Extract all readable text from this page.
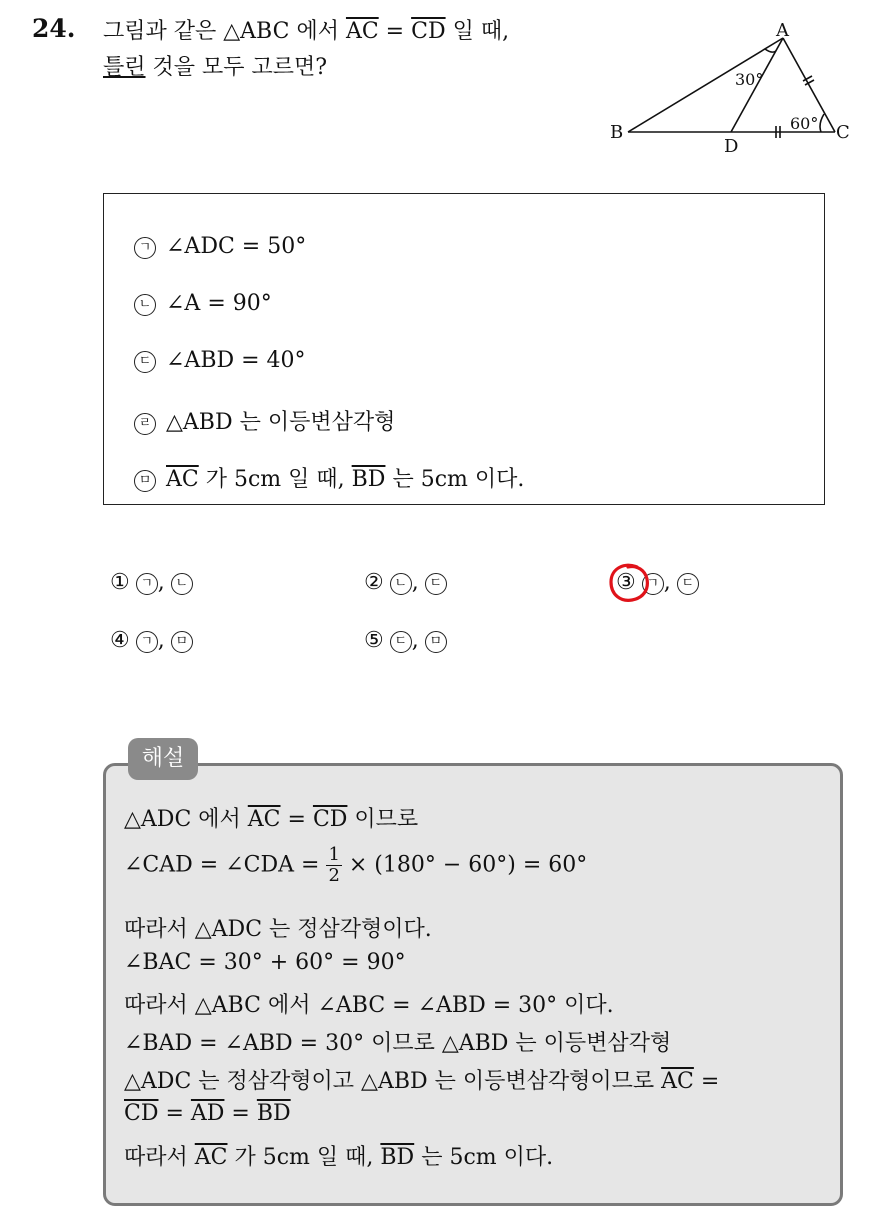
24. 그림과 같은 △ABC 에서 $\overline{AC} = \overline{CD}$ 일 때,
틀린 것을 모두 고르면?
A
B	C
D
30°
60°
ㄱ ∠ADC = 50°
ㄴ ∠A = 90°
ㄷ ∠ABD = 40°
ㄹ △ABD 는 이등변삼각형
ㅁ $\overline{AC}$ 가 5cm 일 때, $\overline{BD}$ 는 5cm 이다.
① ㄱ , ㄴ	② ㄴ , ㄷ	③ ㄱ , ㄷ
④ ㄱ , ㅁ	⑤ ㄷ , ㅁ
해설
△ADC 에서 $\overline{AC} = \overline{CD}$ 이므로
∠CAD = ∠CDA = $\frac{1}{2} \times (180^\circ - 60^\circ) = 60^\circ$
따라서 △ADC 는 정삼각형이다.
∠BAC = 30° + 60° = 90°
따라서 △ABC 에서 ∠ABC = ∠ABD = 30° 이다.
∠BAD = ∠ABD = 30° 이므로 △ABD 는 이등변삼각형
△ADC 는 정삼각형이고 △ABD 는 이등변삼각형이므로 $\overline{AC}$ =
$\overline{CD} = \overline{AD} = \overline{BD}$
따라서 $\overline{AC}$ 가 5cm 일 때, $\overline{BD}$ 는 5cm 이다.
